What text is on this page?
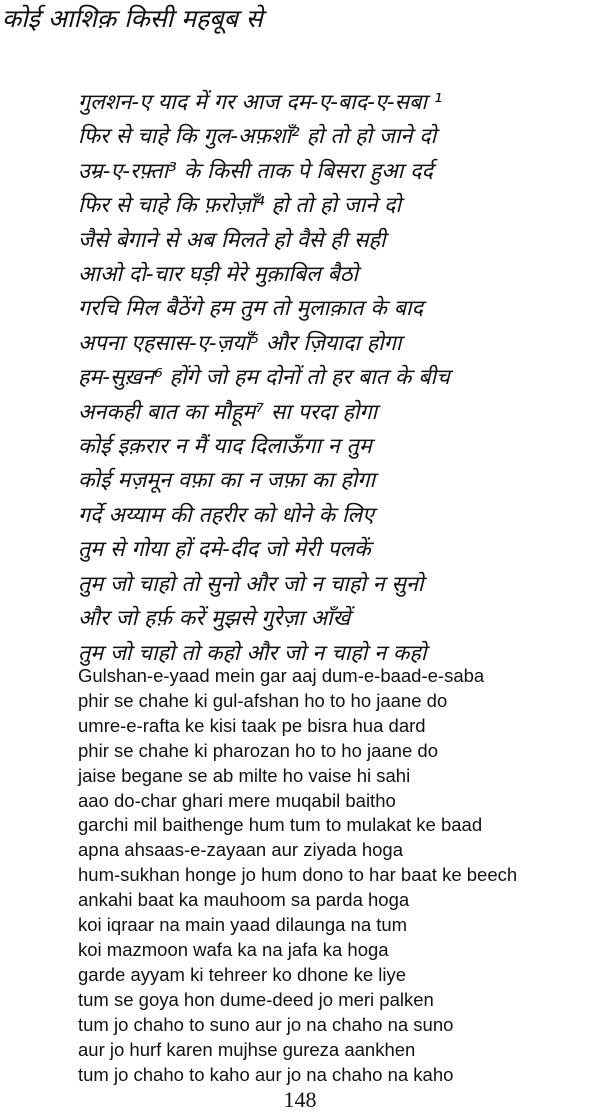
कोई आशिक़ किसी महबूब से
गुलशन-ए याद में गर आज दम-ए-बाद-ए-सबा ¹
फिर से चाहे कि गुल-अफ़शाँ² हो तो हो जाने दो
उम्र-ए-रफ़्ता³ के किसी ताक पे बिसरा हुआ दर्द
फिर से चाहे कि फ़रोज़ाँ⁴ हो तो हो जाने दो
जैसे बेगाने से अब मिलते हो वैसे ही सही
आओ दो-चार घड़ी मेरे मुक़ाबिल बैठो
गरचि मिल बैठेंगे हम तुम तो मुलाक़ात के बाद
अपना एहसास-ए-ज़याँ⁵ और ज़ियादा होगा
हम-सुख़न⁶ होंगे जो हम दोनों तो हर बात के बीच
अनकही बात का मौहूम⁷ सा परदा होगा
कोई इक़रार न मैं याद दिलाऊँगा न तुम
कोई मज़मून वफ़ा का न जफ़ा का होगा
गर्दे अय्याम की तहरीर को धोने के लिए
तुम से गोया हों दमे-दीद जो मेरी पलकें
तुम जो चाहो तो सुनो और जो न चाहो न सुनो
और जो हर्फ़ करें मुझसे गुरेज़ा आँखें
तुम जो चाहो तो कहो और जो न चाहो न कहो
Gulshan-e-yaad mein gar aaj dum-e-baad-e-saba
phir se chahe ki gul-afshan ho to ho jaane do
umre-e-rafta ke kisi taak pe bisra hua dard
phir se chahe ki pharozan ho to ho jaane do
jaise begane se ab milte ho vaise hi sahi
aao do-char ghari mere muqabil baitho
garchi mil baithenge hum tum to mulakat ke baad
apna ahsaas-e-zayaan aur ziyada hoga
hum-sukhan honge jo hum dono to har baat ke beech
ankahi baat ka mauhoom sa parda hoga
koi iqraar na main yaad dilaunga na tum
koi mazmoon wafa ka na jafa ka hoga
garde ayyam ki tehreer ko dhone ke liye
tum se goya hon dume-deed jo meri palken
tum jo chaho to suno aur jo na chaho na suno
aur jo hurf karen mujhse gureza aankhen
tum jo chaho to kaho aur jo na chaho na kaho
148
